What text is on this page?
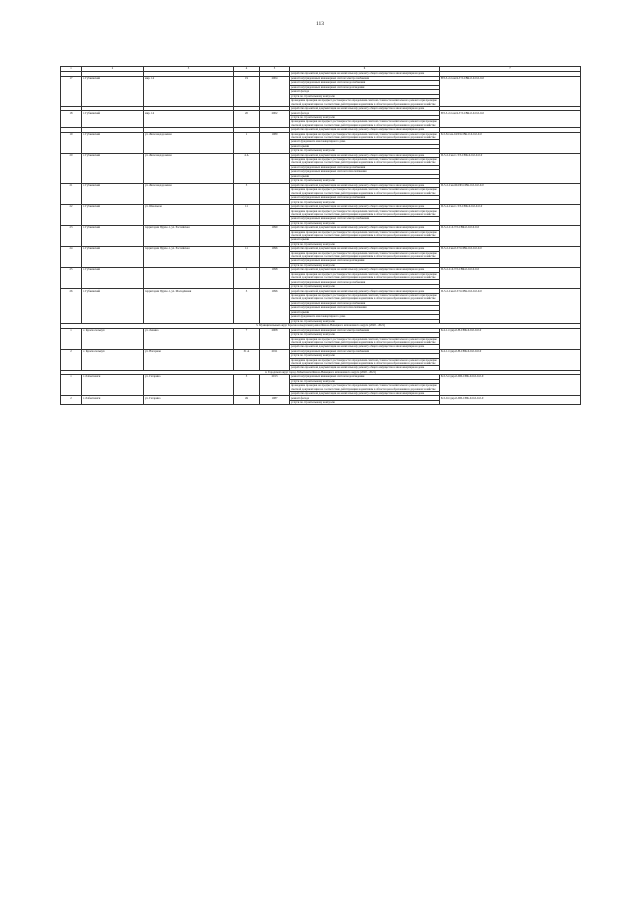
113
1	2	3	4	5	6	7
					разработка проектной документации на капитальному ремонту общего имущества в многоквартирном доме	
17	г. Губкинский	мкр. 14	19	2004	ремонт внутридомовых инженерных систем электроснабжения	ВЭ-5-2-Сем-9-ТЭ-СВК-0-0-0-0-0-0
					ремонт внутридомовых инженерных систем водоснабжения	
					ремонт внутридомовых инженерных систем водоотведения	
					ремонт фасада	
					услуги по строительному контролю	
					проведение проверки на предмет достоверности определения сметной стоимости капитального ремонта при проверке сметной документации на соответствие действующим нормативам в области ценообразования в дорожном хозяйстве	
					разработка проектной документации на капитальному ремонту общего имущества в многоквартирном доме	
18	г. Губкинский	мкр. 14	20	2002	ремонт фасада	ВЭ-5-2-Сем-9-ТЭ-СВК-0-0-0-0-0-0
					услуги по строительному контролю	
					проведение проверки на предмет достоверности определения сметной стоимости капитального ремонта при проверке сметной документации на соответствие действующим нормативам в области ценообразования в дорожном хозяйстве	
					разработка проектной документации на капитальному ремонту общего имущества в многоквартирном доме	
19	г. Губкинский	ул. Железнодорожная	1	1989	проведение проверки на предмет достоверности определения сметной стоимости капитального ремонта при проверке сметной документации на соответствие действующим нормативам в области ценообразования в дорожном хозяйстве	Б-5-8-Сев-0-ПП-СВК-0-0-0-0-0-0
					ремонт фундамента многоквартирного дома	
					ремонт крыши	
					услуги по строительному контролю	
20	г. Губкинский	ул. Железнодорожная	4 А		разработка проектной документации на капитальному ремонту общего имущества в многоквартирном доме	П-5-2-Сев-С-ТЭ-СВК-0-0-0-0-0-0
					проведение проверки на предмет достоверности определения сметной стоимости капитального ремонта при проверке сметной документации на соответствие действующим нормативам в области ценообразования в дорожном хозяйстве	
					ремонт внутридомовых инженерных систем водоснабжения	
					ремонт внутридомовых инженерных систем теплоснабжения	
					ремонт крыши	
					услуги по строительному контролю	
21	г. Губкинский	ул. Железнодорожная	5		разработка проектной документации на капитальному ремонту общего имущества в многоквартирном доме	П-5-2-Сев-Ш-ПП-СВК-0-0-0-0-0-0
					проведение проверки на предмет достоверности определения сметной стоимости капитального ремонта при проверке сметной документации на соответствие действующим нормативам в области ценообразования в дорожном хозяйстве	
					ремонт внутридомовых инженерных систем водоснабжения	
					услуги по строительному контролю	
22	г. Губкинский	ул. Школьная	11		разработка проектной документации на капитальному ремонту общего имущества в многоквартирном доме	П-5-4-Сев-С-ТЭ-СВК-0-0-0-0-0-0
					проведение проверки на предмет достоверности определения сметной стоимости капитального ремонта при проверке сметной документации на соответствие действующим нормативам в области ценообразования в дорожном хозяйстве	
					ремонт внутридомовых инженерных систем электроснабжения	
					услуги по строительному контролю	
23	г. Губкинский	территория Пурпе-1, ул. Российская		1999	разработка проектной документации на капитальному ремонту общего имущества в многоквартирном доме	П-5-2-С-0-ТЭ-СВК-0-0-0-0-0-0
					проведение проверки на предмет достоверности определения сметной стоимости капитального ремонта при проверке сметной документации на соответствие действующим нормативам в области ценообразования в дорожном хозяйстве	
					ремонт крыши	
					услуги по строительному контролю	
24	г. Губкинский	территория Пурпе-1, ул. Российская	11	1996	разработка проектной документации на капитальному ремонту общего имущества в многоквартирном доме	П-5-2-Сев-0-ТЭ-СВК-0-0-0-0-0-0
					проведение проверки на предмет достоверности определения сметной стоимости капитального ремонта при проверке сметной документации на соответствие действующим нормативам в области ценообразования в дорожном хозяйстве	
					ремонт внутридомовых инженерных систем водоотведения	
					услуги по строительному контролю	
25	г. Губкинский		2	1998	разработка проектной документации на капитальному ремонту общего имущества в многоквартирном доме	П-5-2-С-0-ТЭ-СВК-0-0-0-0-0-0
					проведение проверки на предмет достоверности определения сметной стоимости капитального ремонта при проверке сметной документации на соответствие действующим нормативам в области ценообразования в дорожном хозяйстве	
					ремонт внутридомовых инженерных систем водоснабжения	
					услуги по строительному контролю	
26	г. Губкинский	территория Пурпе-1, ул. Молодёжная	3	1996	разработка проектной документации на капитальному ремонту общего имущества в многоквартирном доме	П-5-2-Сев-0-ТЭ-СВК-0-0-0-0-0-0
					проведение проверки на предмет достоверности определения сметной стоимости капитального ремонта при проверке сметной документации на соответствие действующим нормативам в области ценообразования в дорожном хозяйстве	
					ремонт внутридомовых инженерных систем водоснабжения	
					ремонт внутридомовых инженерных систем теплоснабжения	
					ремонт крыши	
					ремонт фундамента многоквартирного дома	
					услуги по строительному контролю	
3. Муниципальный округ Красноселькупский район Ямало-Ненецкого автономного округа (2020 - 2021)						
1	с. Красноселькуп	ул. Ленина	7	2008	ремонт внутридомовых инженерных систем электроснабжения	Б-2-1-Сдер-0-Н-СВК-0-0-0-0-0-0
					услуги по строительному контролю	
					проведение проверки на предмет достоверности определения сметной стоимости капитального ремонта при проверке сметной документации на соответствие действующим нормативам в области ценообразования в дорожном хозяйстве	
					разработка проектной документации на капитальному ремонту общего имущества в многоквартирном доме	
2	с. Красноселькуп	ул. Нагорная	31 А	2011	ремонт внутридомовых инженерных систем электроснабжения	Б-2-1-Сдер-0-Н-СВК-0-0-0-0-0-0
					услуги по строительному контролю	
					проведение проверки на предмет достоверности определения сметной стоимости капитального ремонта при проверке сметной документации на соответствие действующим нормативам в области ценообразования в дорожном хозяйстве	
					разработка проектной документации на капитальному ремонту общего имущества в многоквартирном доме	
4. Городской округ город Лабытнанги Ямало-Ненецкого автономного округа (2020 - 2021)						
1	г. Лабытнанги	ул. Гагарина	5	2013	ремонт внутридомовых инженерных систем водоотведения	Б-5-5-Сдер-0-ПП-СВК-0-0-0-0-0-0
					услуги по строительному контролю	
					проведение проверки на предмет достоверности определения сметной стоимости капитального ремонта при проверке сметной документации на соответствие действующим нормативам в области ценообразования в дорожном хозяйстве	
					разработка проектной документации на капитальному ремонту общего имущества в многоквартирном доме	
2	г. Лабытнанги	ул. Гагарина	49	1987	ремонт фасада	Б-5-0-Сдер-0-ПП-СВК-0-0-0-0-0-0
					услуги по строительному контролю	
